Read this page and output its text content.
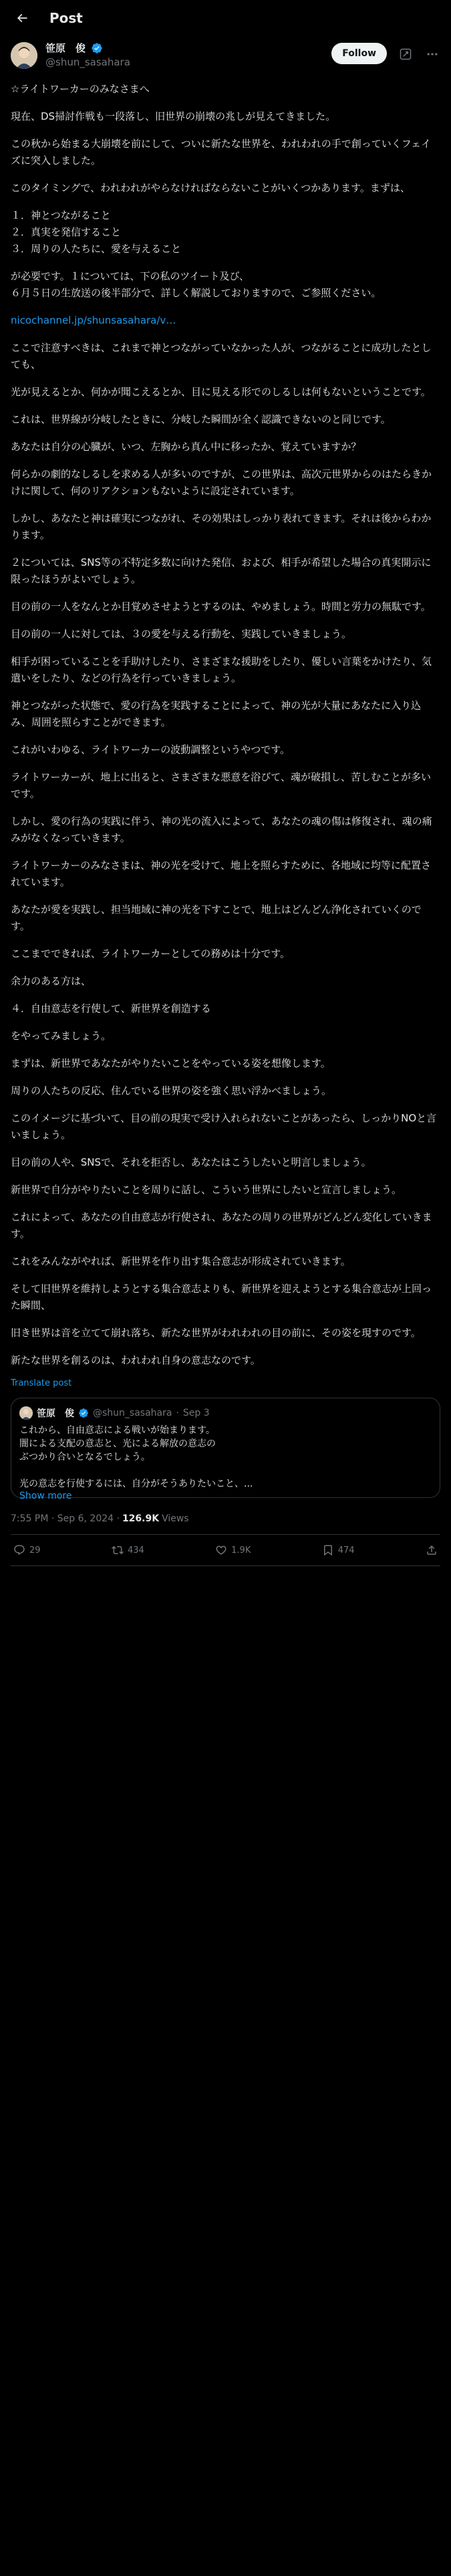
Post
笹原　俊
@shun_sasahara
Follow

☆ライトワーカーのみなさまへ

現在、DS掃討作戦も一段落し、旧世界の崩壊の兆しが見えてきました。

この秋から始まる大崩壊を前にして、ついに新たな世界を、われわれの手で創っていくフェイズに突入しました。

このタイミングで、われわれがやらなければならないことがいくつかあります。まずは、

１．神とつながること
２．真実を発信すること
３．周りの人たちに、愛を与えること

が必要です。１については、下の私のツイート及び、
６月５日の生放送の後半部分で、詳しく解説しておりますので、ご参照ください。

nicochannel.jp/shunsasahara/v…

ここで注意すべきは、これまで神とつながっていなかった人が、つながることに成功したとしても、

光が見えるとか、何かが聞こえるとか、目に見える形でのしるしは何もないということです。

これは、世界線が分岐したときに、分岐した瞬間が全く認識できないのと同じです。

あなたは自分の心臓が、いつ、左胸から真ん中に移ったか、覚えていますか？

何らかの劇的なしるしを求める人が多いのですが、この世界は、高次元世界からのはたらきかけに関して、何のリアクションもないように設定されています。

しかし、あなたと神は確実につながれ、その効果はしっかり表れてきます。それは後からわかります。

２については、SNS等の不特定多数に向けた発信、および、相手が希望した場合の真実開示に限ったほうがよいでしょう。

目の前の一人をなんとか目覚めさせようとするのは、やめましょう。時間と労力の無駄です。

目の前の一人に対しては、３の愛を与える行動を、実践していきましょう。

相手が困っていることを手助けしたり、さまざまな援助をしたり、優しい言葉をかけたり、気遣いをしたり、などの行為を行っていきましょう。

神とつながった状態で、愛の行為を実践することによって、神の光が大量にあなたに入り込み、周囲を照らすことができます。

これがいわゆる、ライトワーカーの波動調整というやつです。

ライトワーカーが、地上に出ると、さまざまな悪意を浴びて、魂が破損し、苦しむことが多いです。

しかし、愛の行為の実践に伴う、神の光の流入によって、あなたの魂の傷は修復され、魂の痛みがなくなっていきます。

ライトワーカーのみなさまは、神の光を受けて、地上を照らすために、各地域に均等に配置されています。

あなたが愛を実践し、担当地域に神の光を下すことで、地上はどんどん浄化されていくのです。

ここまでできれば、ライトワーカーとしての務めは十分です。

余力のある方は、

４．自由意志を行使して、新世界を創造する

をやってみましょう。

まずは、新世界であなたがやりたいことをやっている姿を想像します。

周りの人たちの反応、住んでいる世界の姿を強く思い浮かべましょう。

このイメージに基づいて、目の前の現実で受け入れられないことがあったら、しっかりNOと言いましょう。

目の前の人や、SNSで、それを拒否し、あなたはこうしたいと明言しましょう。

新世界で自分がやりたいことを周りに話し、こういう世界にしたいと宣言しましょう。

これによって、あなたの自由意志が行使され、あなたの周りの世界がどんどん変化していきます。

これをみんながやれば、新世界を作り出す集合意志が形成されていきます。

そして旧世界を維持しようとする集合意志よりも、新世界を迎えようとする集合意志が上回った瞬間、

旧き世界は音を立てて崩れ落ち、新たな世界がわれわれの目の前に、その姿を現すのです。

新たな世界を創るのは、われわれ自身の意志なのです。

Translate post
笹原　俊 @shun_sasahara · Sep 3
これから、自由意志による戦いが始まります。
闇による支配の意志と、光による解放の意志の
ぶつかり合いとなるでしょう。

光の意志を行使するには、自分がそうありたいこと、...
Show more
7:55 PM · Sep 6, 2024 · 126.9K Views
29	434	1.9K	474
